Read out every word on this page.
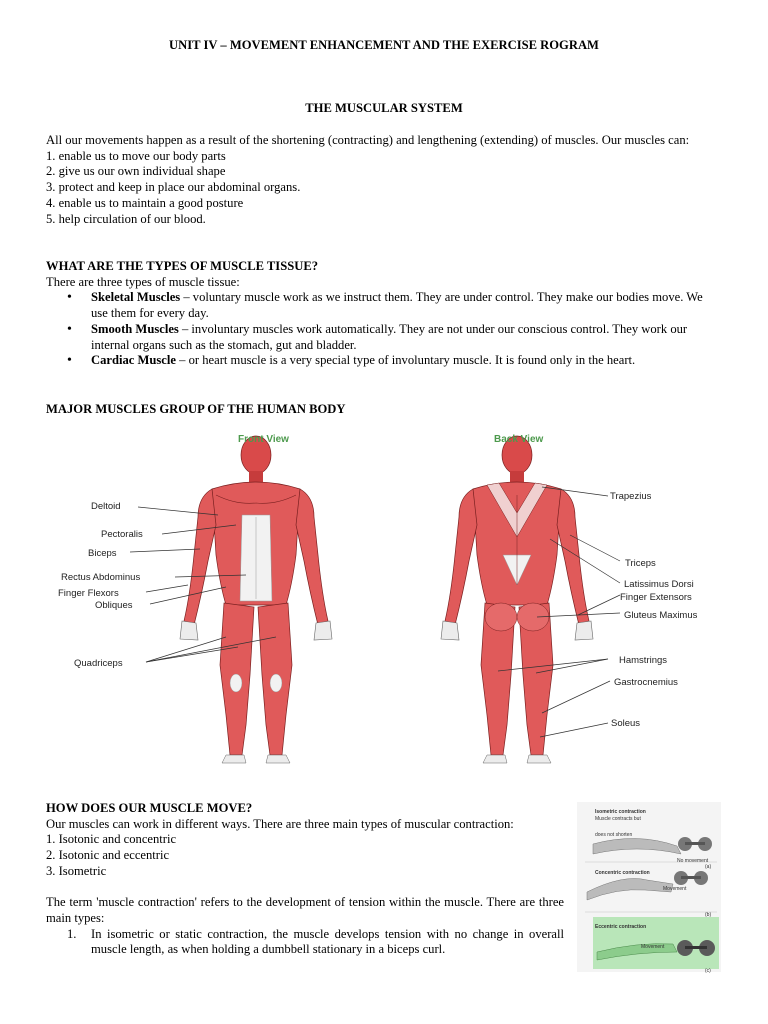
UNIT IV – MOVEMENT ENHANCEMENT AND THE EXERCISE ROGRAM
THE MUSCULAR SYSTEM

All our movements happen as a result of the shortening (contracting) and lengthening (extending) of muscles. Our muscles can:

1. enable us to move our body parts

2. give us our own individual shape

3. protect and keep in place our abdominal organs.

4. enable us to maintain a good posture

5. help circulation of our blood.

WHAT ARE THE TYPES OF MUSCLE TISSUE?

There are three types of muscle tissue:

• Skeletal Muscles – voluntary muscle work as we instruct them. They are under control. They make our bodies move. We use them for every day.
• Smooth Muscles – involuntary muscles work automatically. They are not under our conscious control. They work our internal organs such as the stomach, gut and bladder.
• Cardiac Muscle – or heart muscle is a very special type of involuntary muscle. It is found only in the heart.
MAJOR MUSCLES GROUP OF THE HUMAN BODY
Front View	Back View
Deltoid
Pectoralis
Biceps
Rectus Abdominus
Finger Flexors
Obliques
Quadriceps
Trapezius
Triceps
Latissimus Dorsi
Finger Extensors
Gluteus Maximus
Hamstrings
Gastrocnemius
Soleus

HOW DOES OUR MUSCLE MOVE?

Our muscles can work in different ways. There are three main types of muscular contraction:

1. Isotonic and concentric

2. Isotonic and eccentric

3. Isometric

The term 'muscle contraction' refers to the development of tension within the muscle. There are three main types:

1. In isometric or static contraction, the muscle develops tension with no change in overall muscle length, as when holding a dumbbell stationary in a biceps curl.
Isometric contraction
Muscle contracts but does not shorten
No movement
(a)
Concentric contraction
Movement
(b)
Eccentric contraction
Movement
(c)
